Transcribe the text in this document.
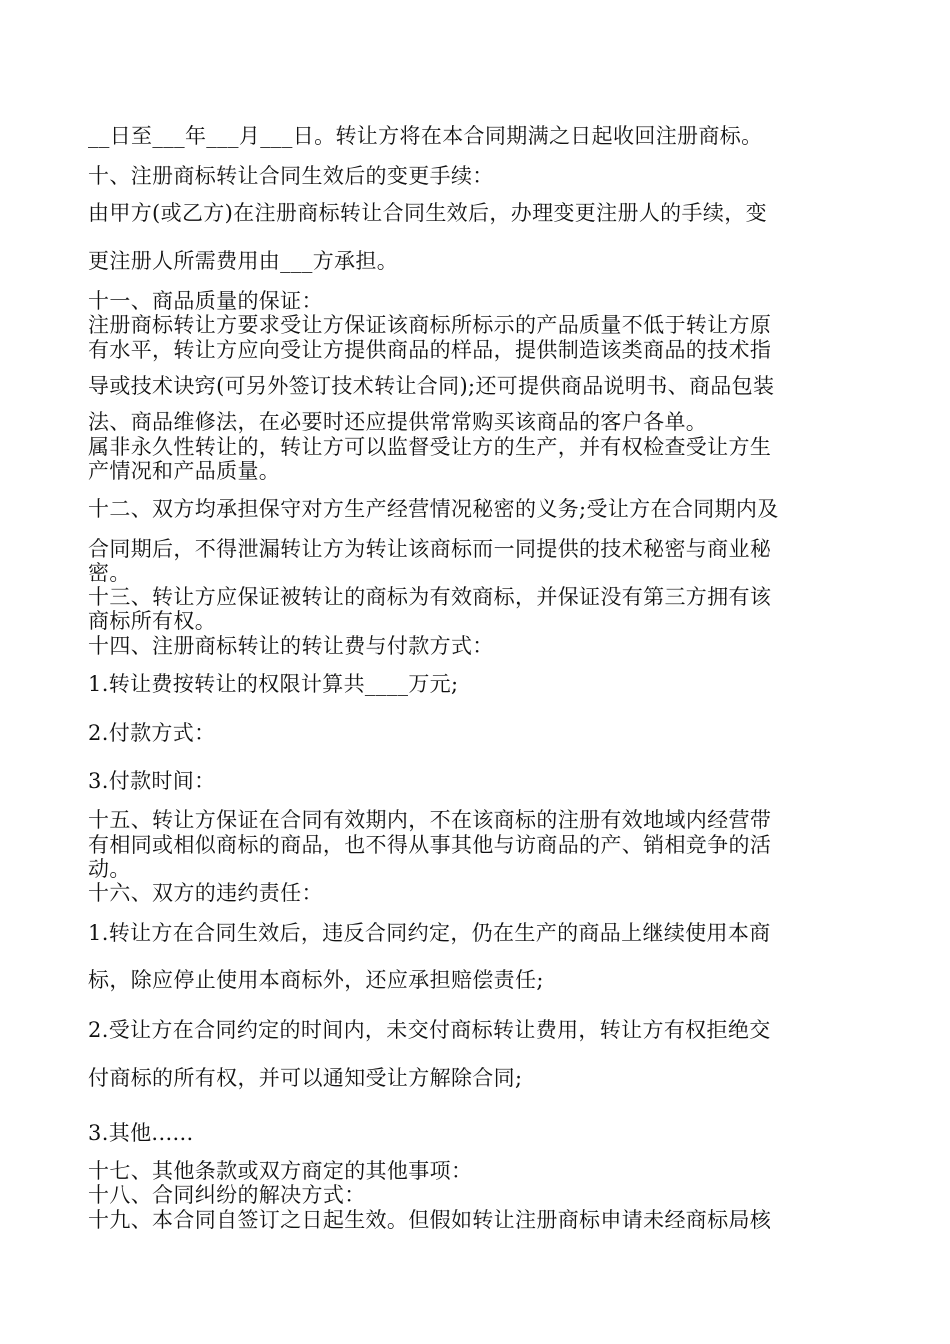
__日至___年___月___日。转让方将在本合同期满之日起收回注册商标。
十、注册商标转让合同生效后的变更手续：
由甲方(或乙方)在注册商标转让合同生效后，办理变更注册人的手续，变
更注册人所需费用由___方承担。
十一、商品质量的保证：
注册商标转让方要求受让方保证该商标所标示的产品质量不低于转让方原
有水平，转让方应向受让方提供商品的样品，提供制造该类商品的技术指
导或技术诀窍(可另外签订技术转让合同);还可提供商品说明书、商品包装
法、商品维修法，在必要时还应提供常常购买该商品的客户各单。
属非永久性转让的，转让方可以监督受让方的生产，并有权检查受让方生
产情况和产品质量。
十二、双方均承担保守对方生产经营情况秘密的义务;受让方在合同期内及
合同期后，不得泄漏转让方为转让该商标而一同提供的技术秘密与商业秘
密。
十三、转让方应保证被转让的商标为有效商标，并保证没有第三方拥有该
商标所有权。
十四、注册商标转让的转让费与付款方式：
1.转让费按转让的权限计算共____万元;
2.付款方式：
3.付款时间：
十五、转让方保证在合同有效期内，不在该商标的注册有效地域内经营带
有相同或相似商标的商品，也不得从事其他与访商品的产、销相竞争的活
动。
十六、双方的违约责任：
1.转让方在合同生效后，违反合同约定，仍在生产的商品上继续使用本商
标，除应停止使用本商标外，还应承担赔偿责任;
2.受让方在合同约定的时间内，未交付商标转让费用，转让方有权拒绝交
付商标的所有权，并可以通知受让方解除合同;
3.其他......
十七、其他条款或双方商定的其他事项：
十八、合同纠纷的解决方式：
十九、本合同自签订之日起生效。但假如转让注册商标申请未经商标局核
